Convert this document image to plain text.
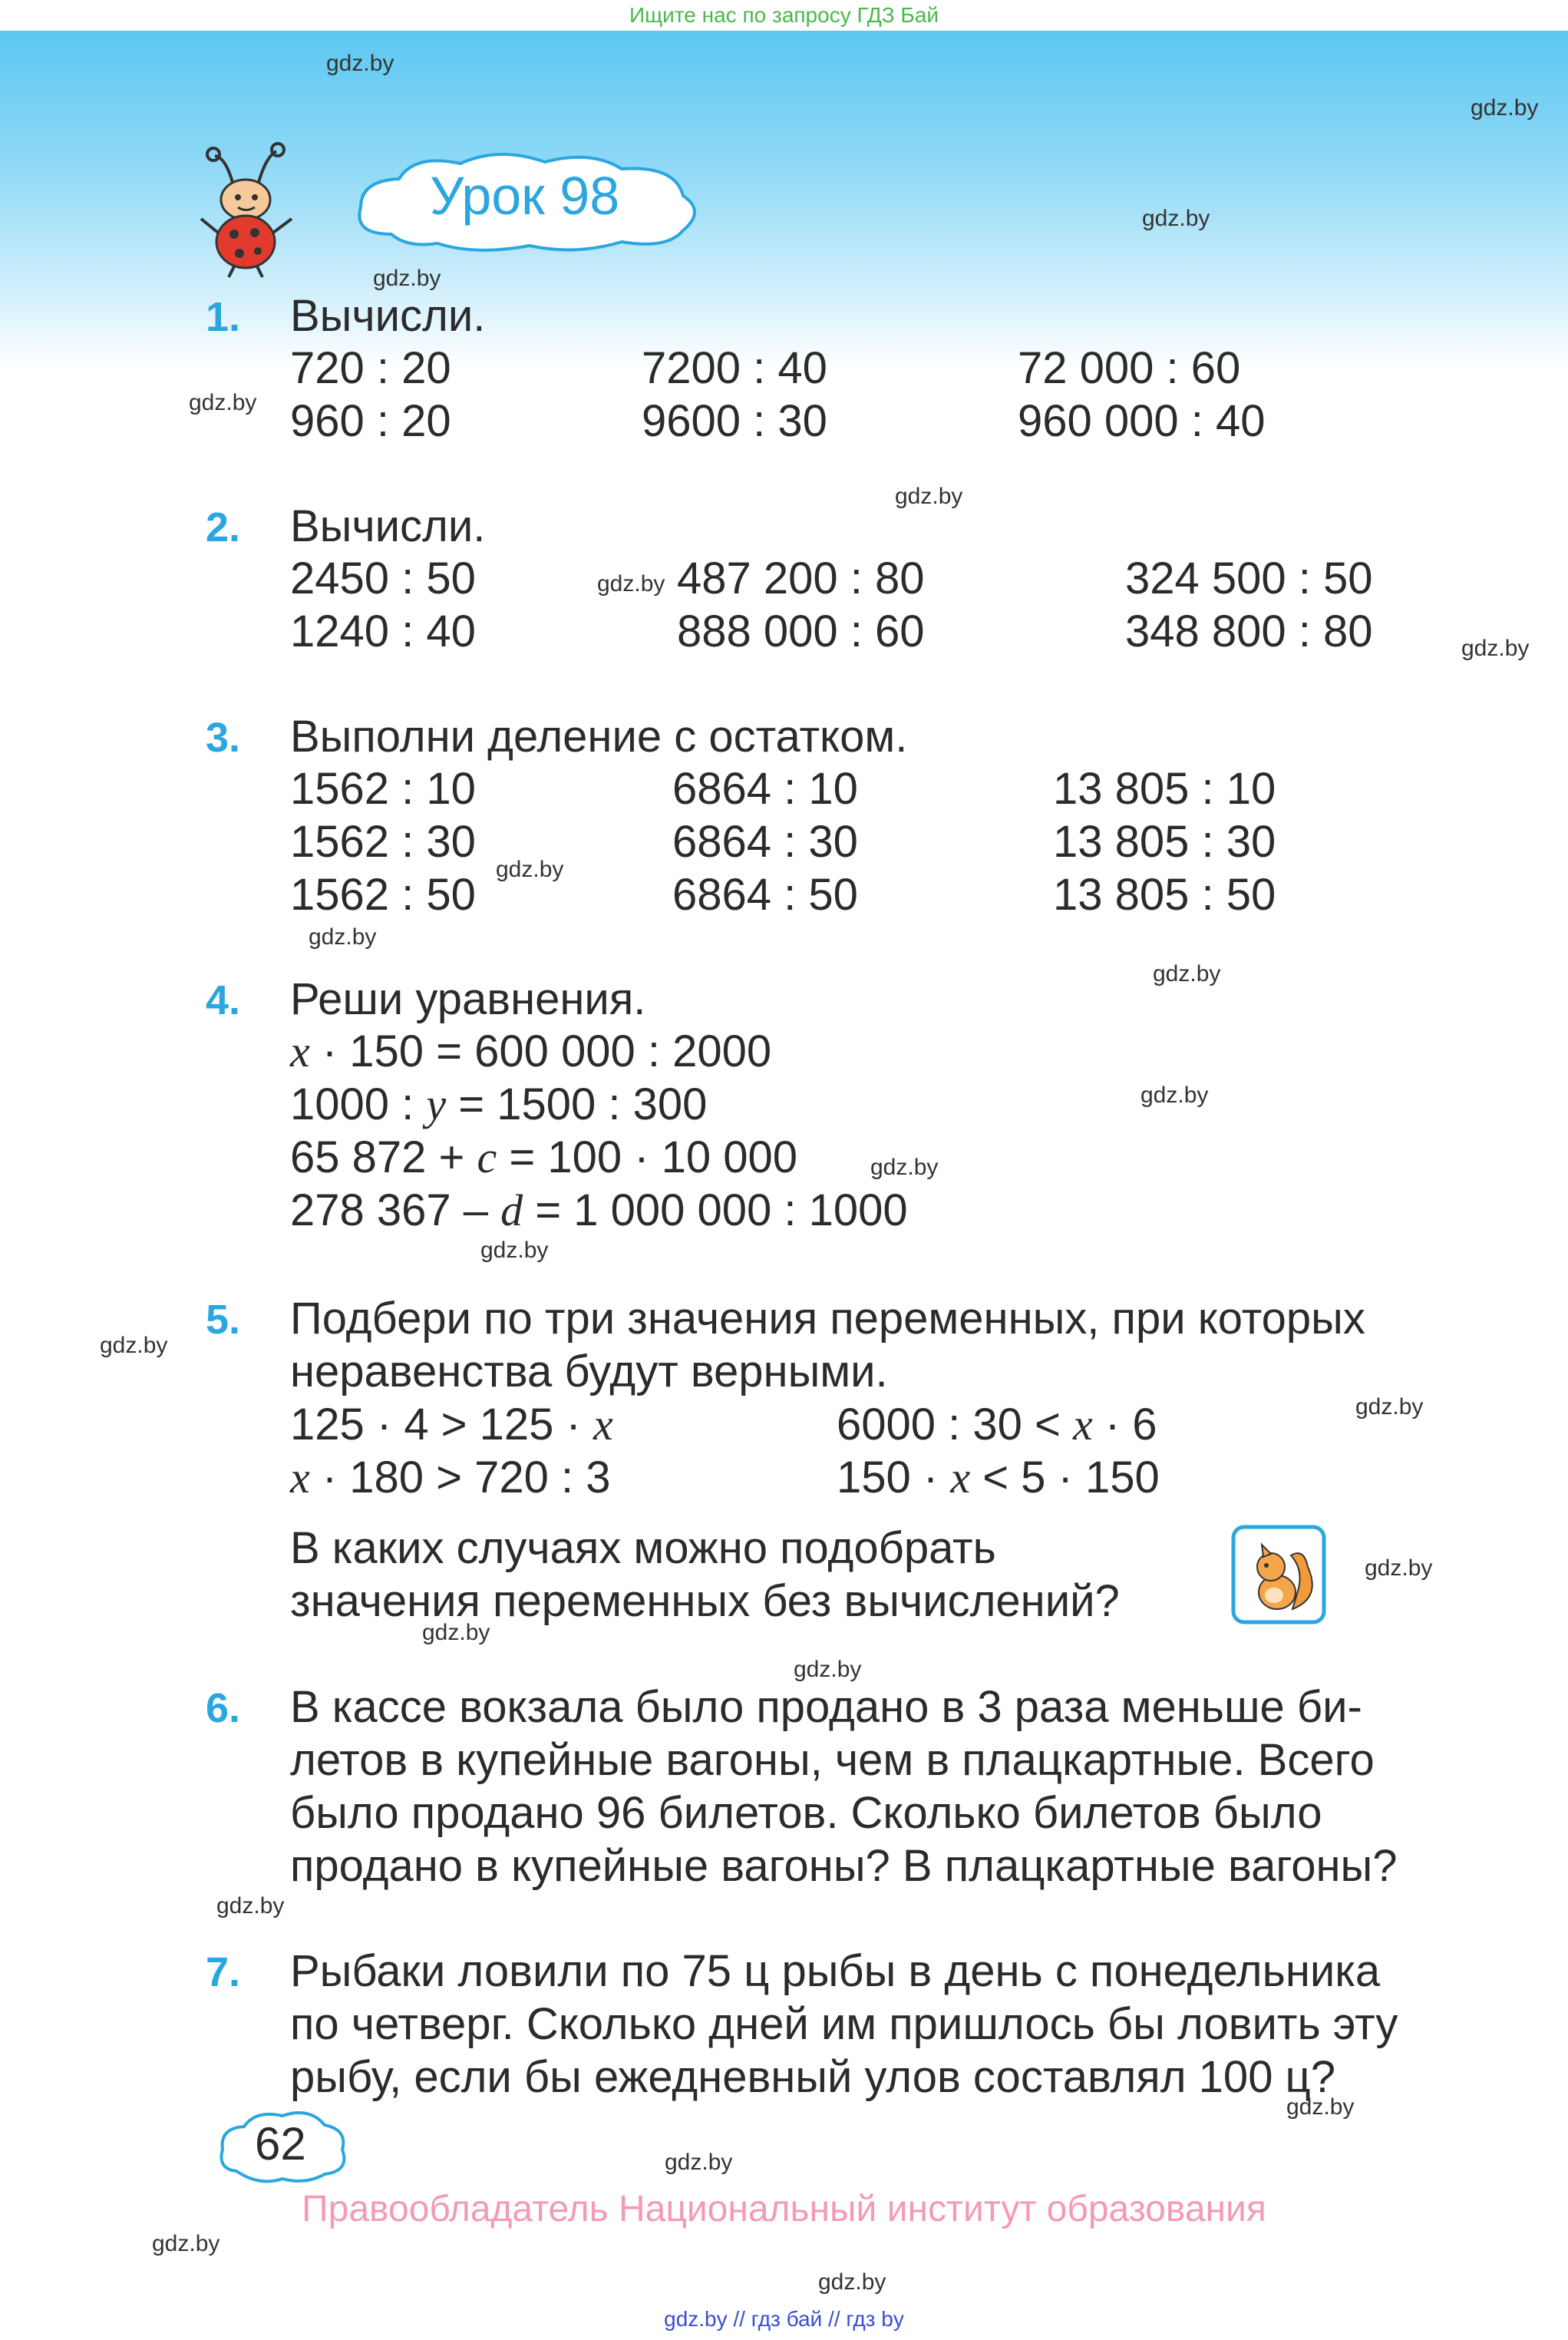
Ищите нас по запросу ГДЗ Бай
Урок 98
1. Вычисли.
720 : 20	7200 : 40	72 000 : 60
960 : 20	9600 : 30	960 000 : 40
2. Вычисли.
2450 : 50	487 200 : 80	324 500 : 50
1240 : 40	888 000 : 60	348 800 : 80
3. Выполни деление с остатком.
1562 : 10	6864 : 10	13 805 : 10
1562 : 30	6864 : 30	13 805 : 30
1562 : 50	6864 : 50	13 805 : 50
4. Реши уравнения.
x · 150 = 600 000 : 2000
1000 : y = 1500 : 300
65 872 + c = 100 · 10 000
278 367 – d = 1 000 000 : 1000
5. Подбери по три значения переменных, при которых
неравенства будут верными.
125 · 4 > 125 · x	6000 : 30 < x · 6
x · 180 > 720 : 3	150 · x < 5 · 150
В каких случаях можно подобрать
значения переменных без вычислений?
6. В кассе вокзала было продано в 3 раза меньше би-
летов в купейные вагоны, чем в плацкартные. Всего
было продано 96 билетов. Сколько билетов было
продано в купейные вагоны? В плацкартные вагоны?
7. Рыбаки ловили по 75 ц рыбы в день с понедельника
по четверг. Сколько дней им пришлось бы ловить эту
рыбу, если бы ежедневный улов составлял 100 ц?
62
Правообладатель Национальный институт образования
gdz.by // гдз бай // гдз by
gdz.by
gdz.by
gdz.by
gdz.by
gdz.by
gdz.by
gdz.by
gdz.by
gdz.by
gdz.by
gdz.by
gdz.by
gdz.by
gdz.by
gdz.by
gdz.by
gdz.by
gdz.by
gdz.by
gdz.by
gdz.by
gdz.by
gdz.by
gdz.by
